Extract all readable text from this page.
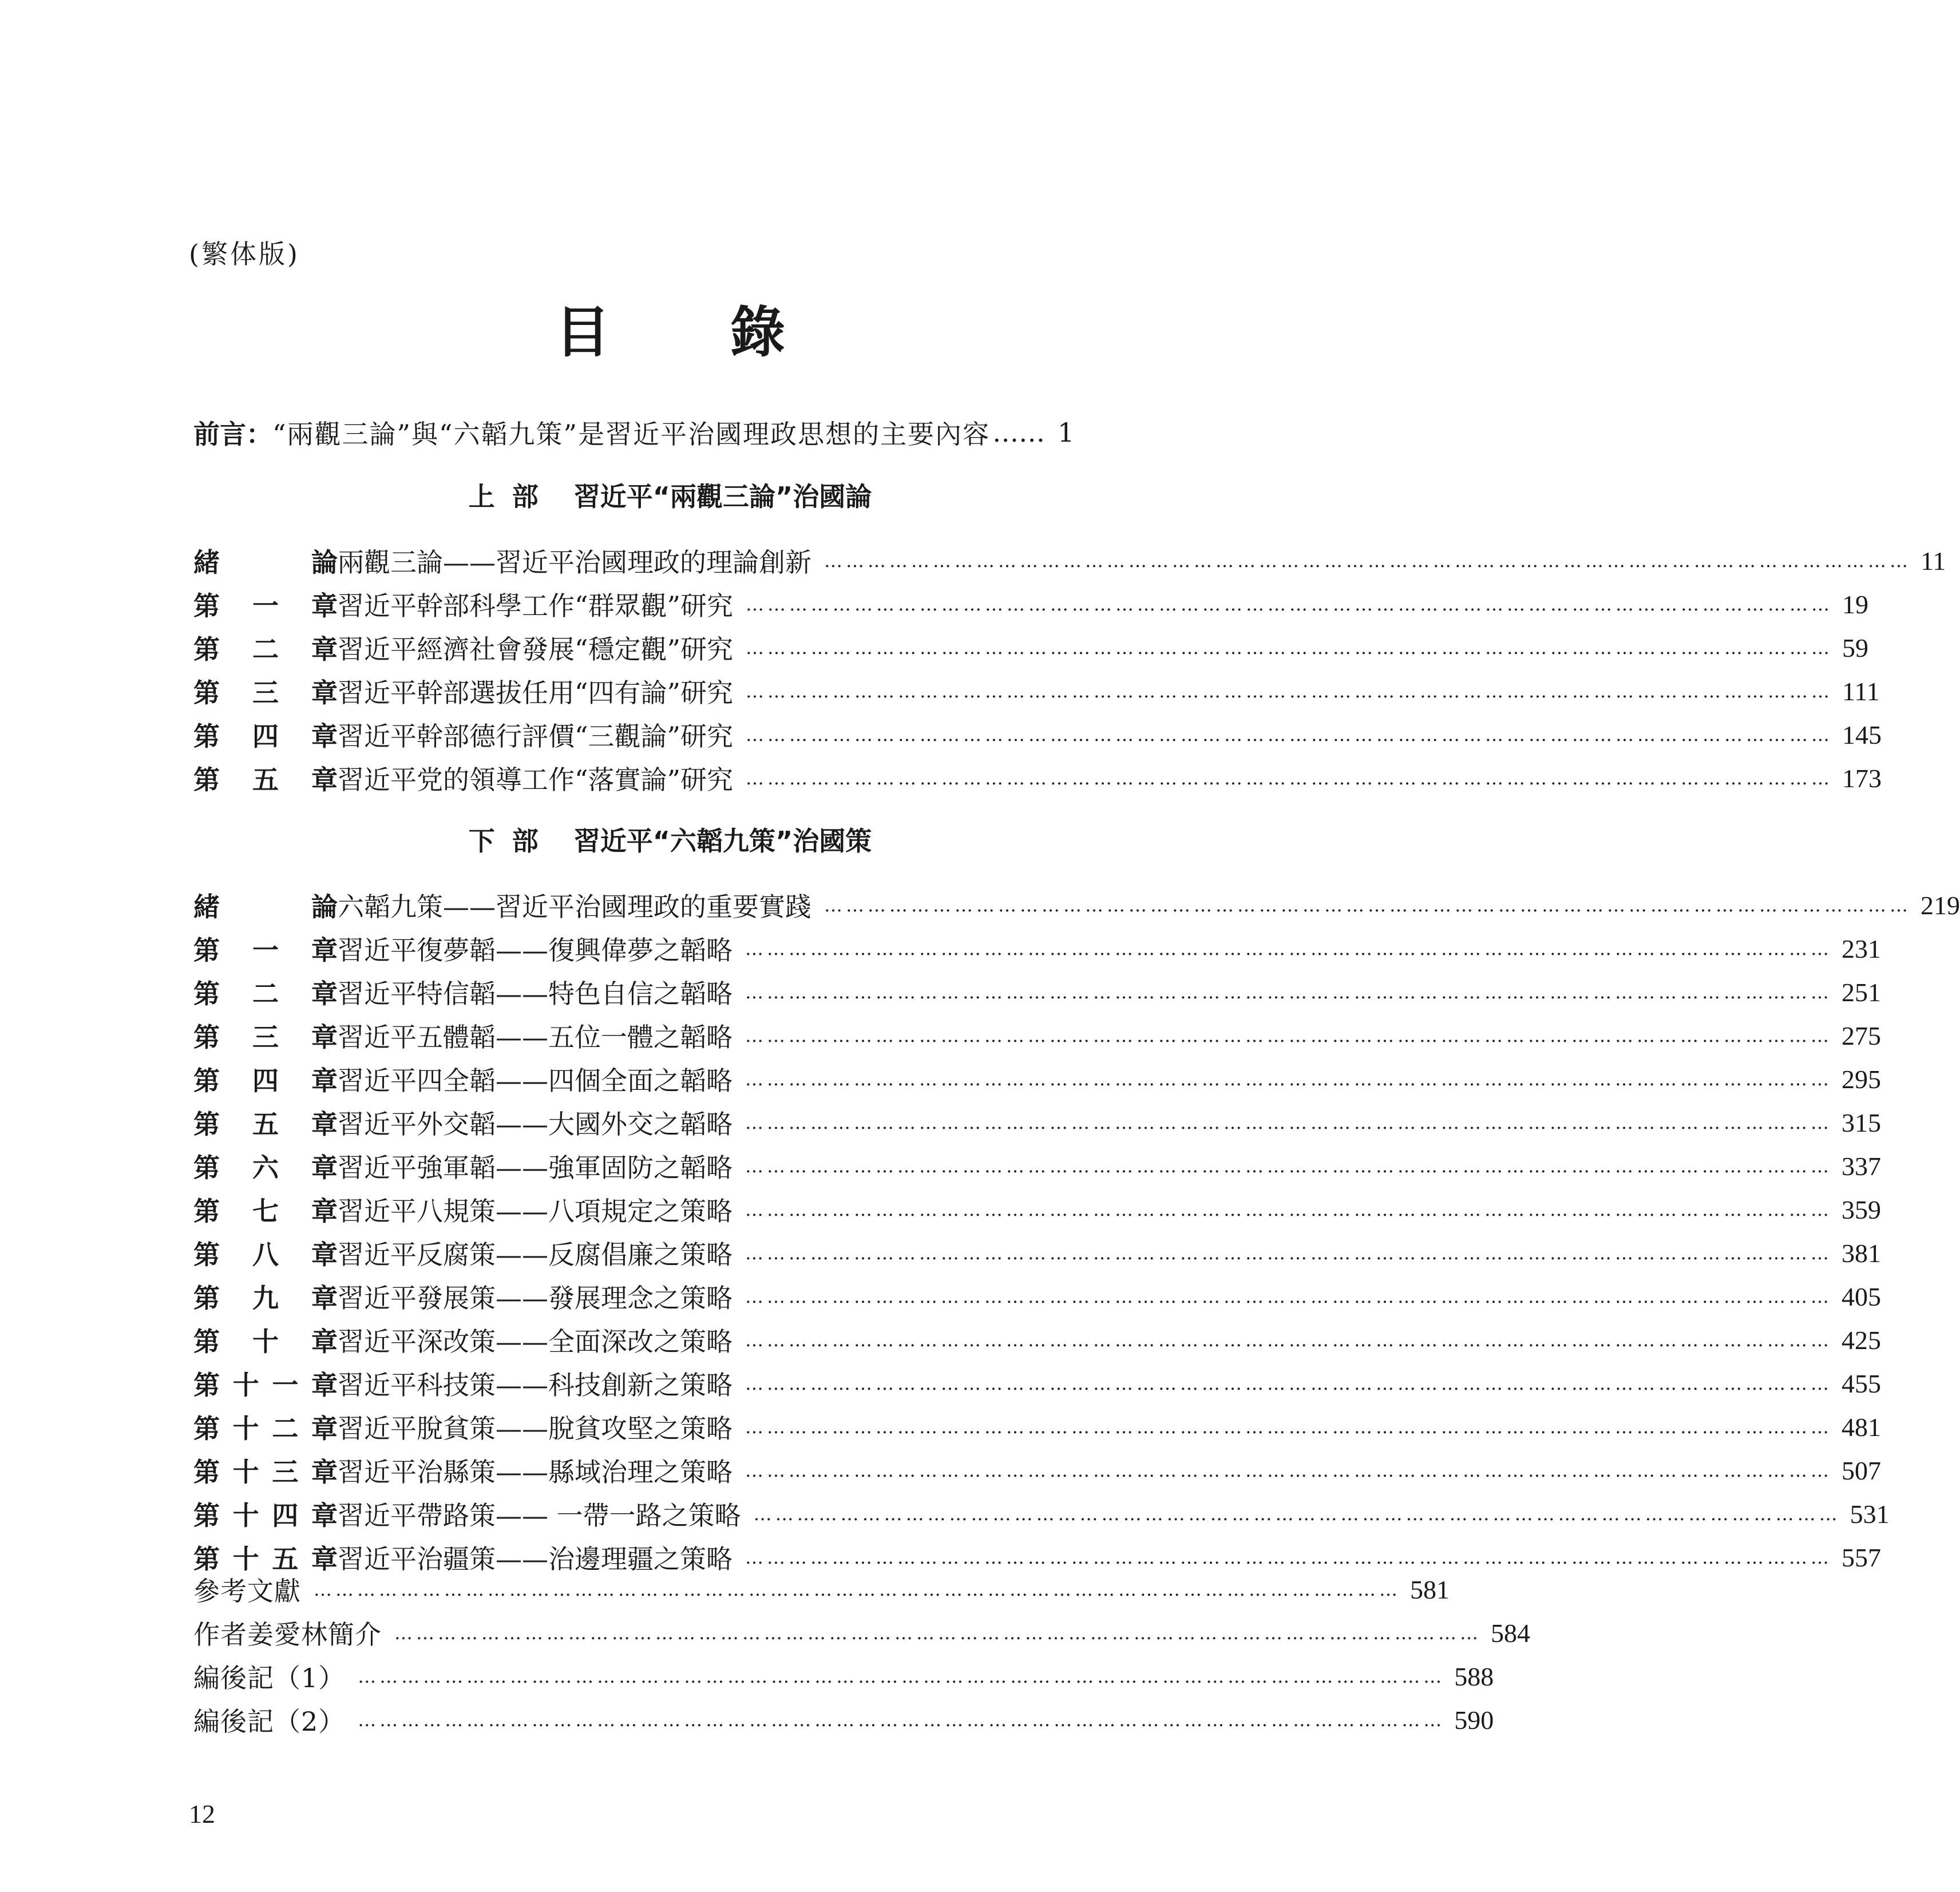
(繁体版)
目錄
前言： “兩觀三論”與“六韜九策”是習近平治國理政思想的主要內容 …… 1
上部 習近平“兩觀三論”治國論
緒	論 兩觀三論——習近平治國理政的理論創新 …………………………………………………………………………………………………………………………………… 11
第 一 章 習近平幹部科學工作“群眾觀”研究 …………………………………………………………………………………………………………………………………… 19
第 二 章 習近平經濟社會發展“穩定觀”研究 …………………………………………………………………………………………………………………………………… 59
第 三 章 習近平幹部選拔任用“四有論”研究 …………………………………………………………………………………………………………………………………… 111
第 四 章 習近平幹部德行評價“三觀論”研究 …………………………………………………………………………………………………………………………………… 145
第 五 章 習近平党的領導工作“落實論”研究 …………………………………………………………………………………………………………………………………… 173
下部 習近平“六韜九策”治國策
緒	論 六韜九策——習近平治國理政的重要實踐 …………………………………………………………………………………………………………………………………… 219
第 一 章 習近平復夢韜——復興偉夢之韜略 …………………………………………………………………………………………………………………………………… 231
第 二 章 習近平特信韜——特色自信之韜略 …………………………………………………………………………………………………………………………………… 251
第 三 章 習近平五體韜——五位一體之韜略 …………………………………………………………………………………………………………………………………… 275
第 四 章 習近平四全韜——四個全面之韜略 …………………………………………………………………………………………………………………………………… 295
第 五 章 習近平外交韜——大國外交之韜略 …………………………………………………………………………………………………………………………………… 315
第 六 章 習近平強軍韜——強軍固防之韜略 …………………………………………………………………………………………………………………………………… 337
第 七 章 習近平八規策——八項規定之策略 …………………………………………………………………………………………………………………………………… 359
第 八 章 習近平反腐策——反腐倡廉之策略 …………………………………………………………………………………………………………………………………… 381
第 九 章 習近平發展策——發展理念之策略 …………………………………………………………………………………………………………………………………… 405
第 十 章 習近平深改策——全面深改之策略 …………………………………………………………………………………………………………………………………… 425
第 十 一 章 習近平科技策——科技創新之策略 …………………………………………………………………………………………………………………………………… 455
第 十 二 章 習近平脫貧策——脫貧攻堅之策略 …………………………………………………………………………………………………………………………………… 481
第 十 三 章 習近平治縣策——縣域治理之策略 …………………………………………………………………………………………………………………………………… 507
第 十 四 章 習近平帶路策—— 一帶一路之策略 …………………………………………………………………………………………………………………………………… 531
第 十 五 章 習近平治疆策——治邊理疆之策略 …………………………………………………………………………………………………………………………………… 557
參考文獻 …………………………………………………………………………………………………………………………………… 581
作者姜愛林簡介 …………………………………………………………………………………………………………………………………… 584
編後記（1） …………………………………………………………………………………………………………………………………… 588
編後記（2） …………………………………………………………………………………………………………………………………… 590
12
